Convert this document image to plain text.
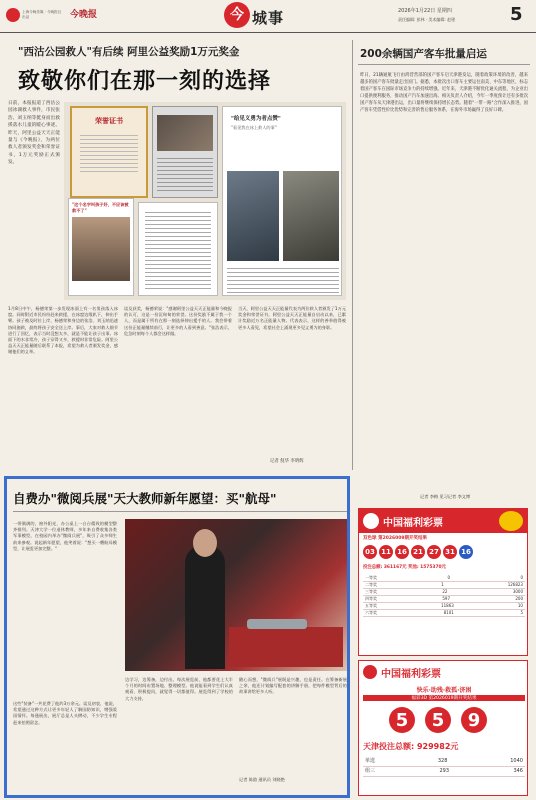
上海今晚传媒 · 今晚报社出品	今晚报	今 城事	2026年1月22日 星期四
责任编辑: 彭林 · 美术编辑: 赵建	5
"西沽公园救人"有后续 阿里公益奖励1万元奖金
致敬你们在那一刻的选择
日前，本报报道了西沽公园冰湖救人事件，市民张浩、刘玉纳等挺身而出救援落水儿童的暖心事迹。昨天，阿里公益天天正能量与《今晚报》，为两位救人者颁发奖金和荣誉证书，1万元奖励正式颁发。
荣誉证书
"这个名字叫孩子好，不应该被救不了"
"给见义勇为者点赞"
"看见我在冰上救人的事"
1月8日中午，杨德荣第一步发现冰面上有一名男孩落入冰窟。同时附近市民纷纷赶来救援，在冰窟边缘趴下，伸出手臂。孩子被及时拉上岸，杨德荣和身边的张浩、刘玉纳迅速协同施救，最终将孩子安全送上岸。事后，大家对救人细节进行了回忆，表示当时没想太多，就是不能让孩子出事。冰面下的水非常冷，孩子穿得又多，救援时非常危险。阿里公益天天正能量随后联系了本报，希望为救人者颁发奖金，感谢他们的义举。
谈及获奖，杨德荣说："感谢阿里公益天天正能量和今晚报的认可，这是一份沉甸甸的荣誉。这份奖励不属于我一个人，而是属于所有在那一刻选择伸出援手的人。我会带着这份正能量继续前行，让更多的人看到善意。"张浩表示，危急时刻每个人都会这样做。
当天，阿里公益天天正能量代表为两位救人者颁发了1万元奖金和荣誉证书。阿里公益天天正能量自启动以来，已累计奖励近万名正能量人物。代表表示，这样的善举值得被更多人看见，希望社会上涌现更多见义勇为的身影。
记者 倪华 李明辉
200余辆国产客车批量启运
昨日，21辆通航飞行由鸿营营部的国产客车启天津港发运，随着政策环境的改善，越来越多的国产客车批量走出国门。据悉，本批次出口客车主要运往南美、中东等地区，标志着国产客车在国际市场竞争力的持续增强。近年来，天津港不断优化通关流程，为企业出口提供便利服务，推动国产汽车加速出海。相关负责人介绍，今年一季度预计还有多批次国产客车从天津港出运，出口量将继续保持增长态势。随着"一带一路"合作深入推进，国产客车凭借性价比优势和完善的售后服务体系，在海外市场赢得了良好口碑。
记者 李梅 见习记者 李文博
自费办"微阅兵展"天大教师新年愿望：买"航母"
一带满满的，窗外阳光，办公桌上一台台精致的模型整齐排列。天津大学一位退休教师，多年来自费收集各类军事模型，在校园内举办"微阅兵展"，吸引了众多师生前来参观。说起新年愿望，他笑着说："想买一艘航母模型，让展览更加完整。"
这些"装备"一共花费了他约3万余元。谈及初衷，他说，希望通过这种方式让更多年轻人了解国防知识，增强爱国情怀。每逢展出，展厅总是人头攒动，不少学生专程赶来拍照留念。
边学习，边筹备，边付出。每次展览前，他都要花上大半个月的时间布置场地、整理模型。他说能看到学生们认真观看、积极提问，就觉得一切都值得。展览得到了学校的大力支持。
随心而想，"微阅兵"展既是兴趣，也是责任。在筹备新展之余，他还计划编写配套的讲解手册，把每件模型背后的故事讲给更多人听。
记者 陈韵 通讯员 刘晓艳
中国福利彩票
双色球 第2026009期开奖结果
03 11 16 21 27 31 16
投注总额: 361167元 奖池: 1575370元
一等奖	0	0
二等奖	1	126823
三等奖	22	3000
四等奖	597	200
五等奖	11863	10
六等奖	8101	5
中国福利彩票
快乐·助残·救孤·济困
福彩3D 第2026019期开奖结果
5	5	9
天津投注总额: 929982元
单选	328	1040
组三	293	346
